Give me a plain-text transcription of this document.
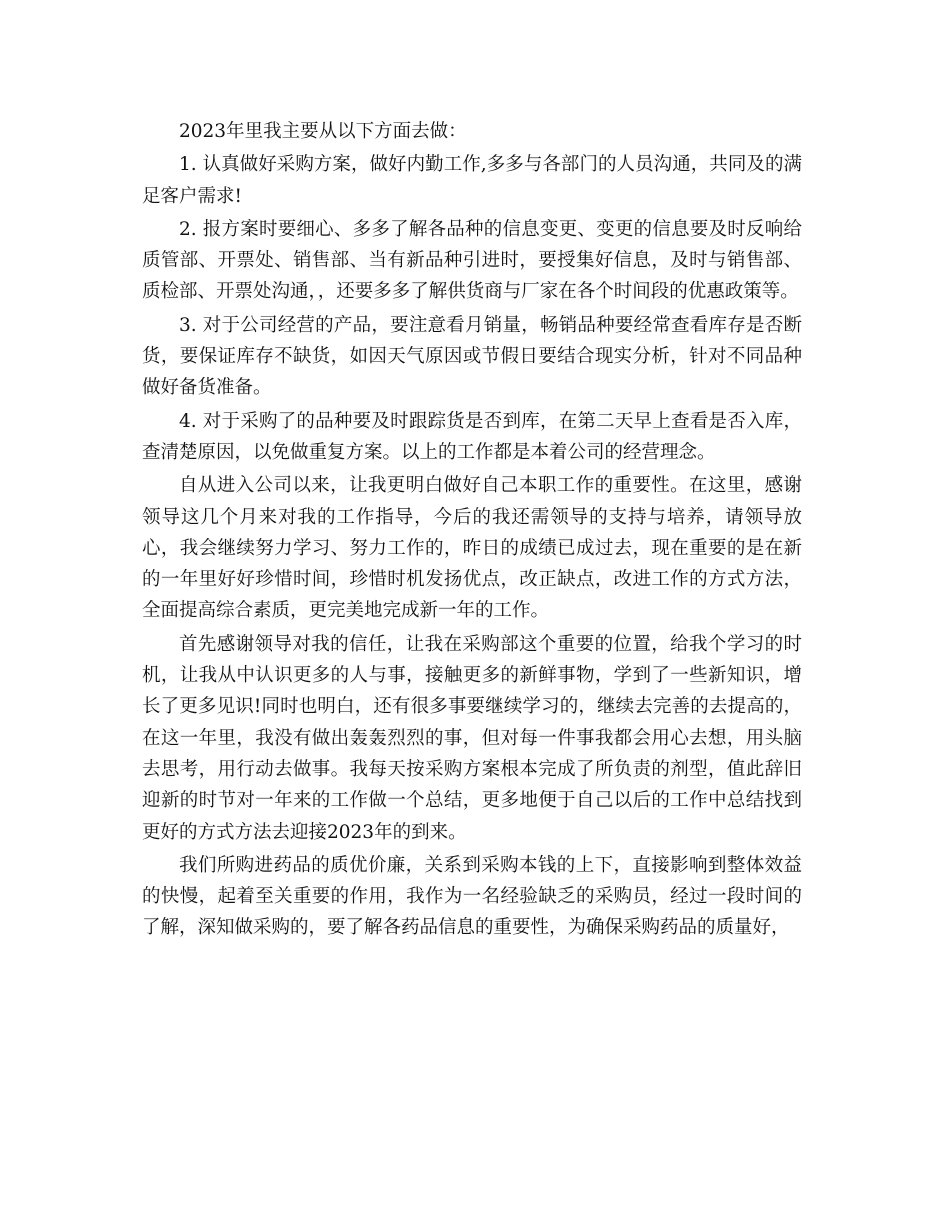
2023年里我主要从以下方面去做：

1. 认真做好采购方案，做好内勤工作,多多与各部门的人员沟通，共同及的满足客户需求!

2. 报方案时要细心、多多了解各品种的信息变更、变更的信息要及时反响给质管部、开票处、销售部、当有新品种引进时，要授集好信息，及时与销售部、质检部、开票处沟通，，还要多多了解供货商与厂家在各个时间段的优惠政策等。

3. 对于公司经营的产品，要注意看月销量，畅销品种要经常查看库存是否断货，要保证库存不缺货，如因天气原因或节假日要结合现实分析，针对不同品种做好备货准备。

4. 对于采购了的品种要及时跟踪货是否到库，在第二天早上查看是否入库，查清楚原因，以免做重复方案。以上的工作都是本着公司的经营理念。

自从进入公司以来，让我更明白做好自己本职工作的重要性。在这里，感谢领导这几个月来对我的工作指导，今后的我还需领导的支持与培养，请领导放心，我会继续努力学习、努力工作的，昨日的成绩已成过去，现在重要的是在新的一年里好好珍惜时间，珍惜时机发扬优点，改正缺点，改进工作的方式方法，全面提高综合素质，更完美地完成新一年的工作。

首先感谢领导对我的信任，让我在采购部这个重要的位置，给我个学习的时机，让我从中认识更多的人与事，接触更多的新鲜事物，学到了一些新知识，增长了更多见识!同时也明白，还有很多事要继续学习的，继续去完善的去提高的，在这一年里，我没有做出轰轰烈烈的事，但对每一件事我都会用心去想，用头脑去思考，用行动去做事。我每天按采购方案根本完成了所负责的剂型，值此辞旧迎新的时节对一年来的工作做一个总结，更多地便于自己以后的工作中总结找到更好的方式方法去迎接2023年的到来。

我们所购进药品的质优价廉，关系到采购本钱的上下，直接影响到整体效益的快慢，起着至关重要的作用，我作为一名经验缺乏的采购员，经过一段时间的了解，深知做采购的，要了解各药品信息的重要性，为确保采购药品的质量好，
